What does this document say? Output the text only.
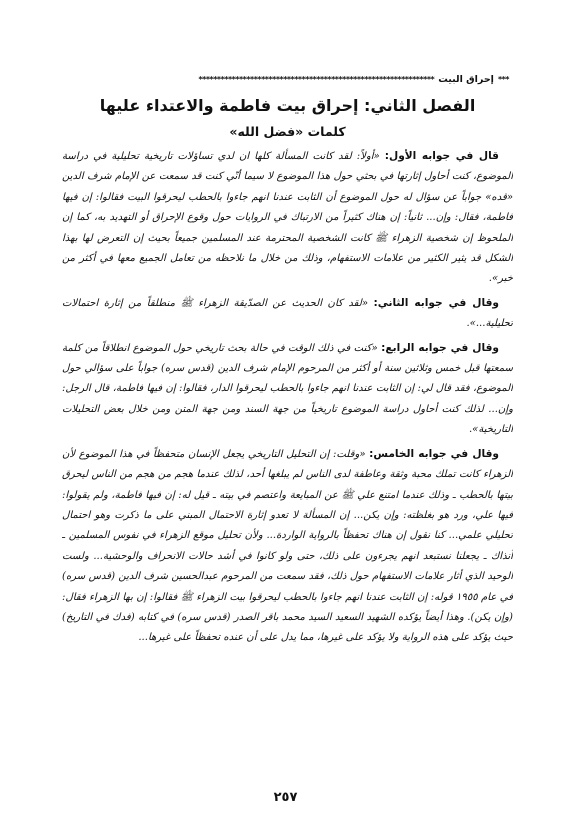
***
إحراق البيت
****************************************************************
الفصل الثاني: إحراق بيت فاطمة والاعتداء عليها
كلمات «فضل الله»

قال في جوابه الأول: «أولاً: لقد كانت المسألة كلها ان لدي تساؤلات تاريخية تحليلية في دراسة الموضوع، كنت أحاول إثارتها في بحثي حول هذا الموضوع لا سيما أنّي كنت قد سمعت عن الإمام شرف الدين «قده» جواباً عن سؤال له حول الموضوع أن الثابت عندنا انهم جاءوا بالحطب ليحرقوا البيت فقالوا: إن فيها فاطمة، فقال: وإن... ثانياً: إن هناك كثيراً من الارتباك في الروايات حول وقوع الإحراق أو التهديد به، كما إن الملحوظ إن شخصية الزهراء ﷺ كانت الشخصية المحترمة عند المسلمين جميعاً بحيث إن التعرض لها بهذا الشكل قد يثير الكثير من علامات الاستفهام، وذلك من خلال ما نلاحظه من تعامل الجميع معها في أكثر من خبر».

وقال في جوابه الثاني: «لقد كان الحديث عن الصدّيقة الزهراء ﷺ منطلقاً من إثارة احتمالات تحليلية...».

وقال في جوابه الرابع: «كنت في ذلك الوقت في حالة بحث تاريخي حول الموضوع انطلاقاً من كلمة سمعتها قبل خمس وثلاثين سنة أو أكثر من المرحوم الإمام شرف الدين (قدس سره) جواباً على سؤالي حول الموضوع، فقد قال لي: إن الثابت عندنا انهم جاءوا بالحطب ليحرقوا الدار، فقالوا: إن فيها فاطمة، قال الرجل: وإن... لذلك كنت أحاول دراسة الموضوع تاريخياً من جهة السند ومن جهة المتن ومن خلال بعض التحليلات التاريخية».

وقال في جوابه الخامس: «وقلت: إن التحليل التاريخي يجعل الإنسان متحفظاً في هذا الموضوع لأن الزهراء كانت تملك محبة وثقة وعاطفة لدى الناس لم يبلغها أحد، لذلك عندما هجم من هجم من الناس ليحرق بيتها بالحطب ـ وذلك عندما امتنع علي ﷺ عن المبايعة واعتصم في بيته ـ قيل له: إن فيها فاطمة، ولم يقولوا: فيها علي، ورد هو بغلظته: وإن يكن... إن المسألة لا تعدو إثارة الاحتمال المبني على ما ذكرت وهو احتمال تحليلي علمي... كنا نقول إن هناك تحفظاً بالرواية الواردة... ولأن تحليل موقع الزهراء في نفوس المسلمين ـ آنذاك ـ يجعلنا نستبعد انهم يجرءون على ذلك، حتى ولو كانوا في أشد حالات الانحراف والوحشية... ولست الوحيد الذي أثار علامات الاستفهام حول ذلك، فقد سمعت من المرحوم عبدالحسين شرف الدين (قدس سره) في عام ١٩٥٥ قوله: إن الثابت عندنا انهم جاءوا بالحطب ليحرقوا بيت الزهراء ﷺ فقالوا: إن بها الزهراء فقال: (وإن يكن). وهذا أيضاً يؤكده الشهيد السعيد السيد محمد باقر الصدر (قدس سره) في كتابه (فدك في التاريخ) حيث يؤكد على هذه الرواية ولا يؤكد على غيرها، مما يدل على أن عنده تحفظاً على غيرها...

٢٥٧
